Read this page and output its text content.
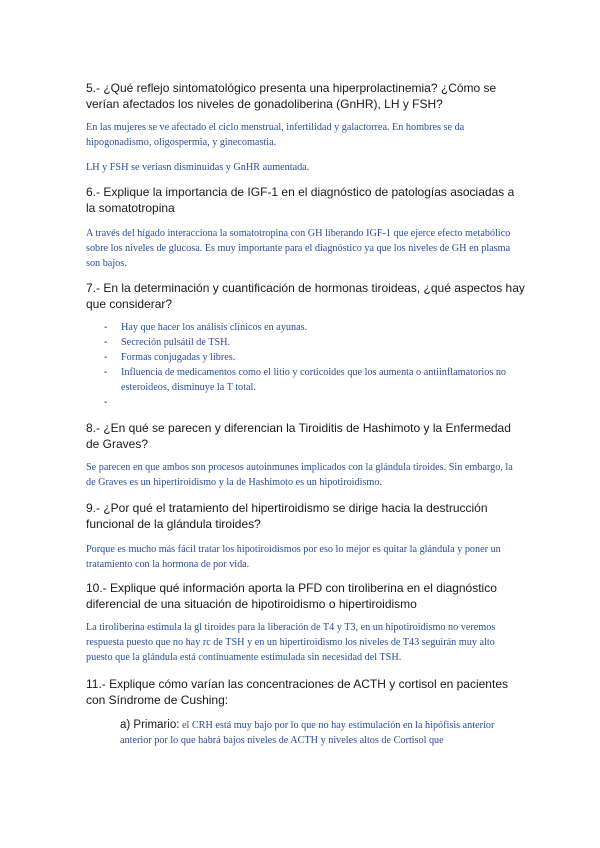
5.- ¿Qué reflejo sintomatológico presenta una hiperprolactinemia? ¿Cómo se verían afectados los niveles de gonadoliberina (GnHR), LH y FSH?

En las mujeres se ve afectado el ciclo menstrual, infertilidad y galactorrea. En hombres se da hipogonadismo, oligospermia, y ginecomastia.

LH y FSH se veríasn disminuidas y GnHR aumentada.

6.- Explique la importancia de IGF-1 en el diagnóstico de patologías asociadas a la somatotropina

A través del hígado interacciona la somatotropina con GH liberando IGF-1 que ejerce efecto metabólico sobre los niveles de glucosa. Es muy importante para el diagnóstico ya que los niveles de GH en plasma son bajos.

7.- En la determinación y cuantificación de hormonas tiroideas, ¿qué aspectos hay que considerar?

- Hay que hacer los análisis clínicos en ayunas.
- Secreción pulsátil de TSH.
- Formas conjugadas y libres.
- Influencia de medicamentos como el litio y corticoides que los aumenta o antiinflamatorios no esteroideos, disminuye la T total.
-

8.- ¿En qué se parecen y diferencian la Tiroiditis de Hashimoto y la Enfermedad de Graves?

Se parecen en que ambos son procesos autoinmunes implicados con la glándula tiroides. Sin embargo, la de Graves es un hipertiroidismo y la de Hashimoto es un hipotiroidismo.

9.- ¿Por qué el tratamiento del hipertiroidismo se dirige hacia la destrucción funcional de la glándula tiroides?

Porque es mucho más fácil tratar los hipotiroidismos por eso lo mejor es quitar la glándula y poner un tratamiento con la hormona de por vida.

10.- Explique qué información aporta la PFD con tiroliberina en el diagnóstico diferencial de una situación de hipotiroidismo o hipertiroidismo

La tiroliberina estimula la gl tiroides para la liberación de T4 y T3, en un hipotiroidismo no veremos respuesta puesto que no hay rc de TSH y en un hipertiroidismo los niveles de T43 seguirán muy alto puesto que la glándula está continuamente estimulada sin necesidad del TSH.

11.- Explique cómo varían las concentraciones de ACTH y cortisol en pacientes con Síndrome de Cushing:

a) Primario: el CRH está muy bajo por lo que no hay estimulación en la hipófisis anterior anterior por lo que habrá bajos niveles de ACTH y niveles altos de Cortisol que
